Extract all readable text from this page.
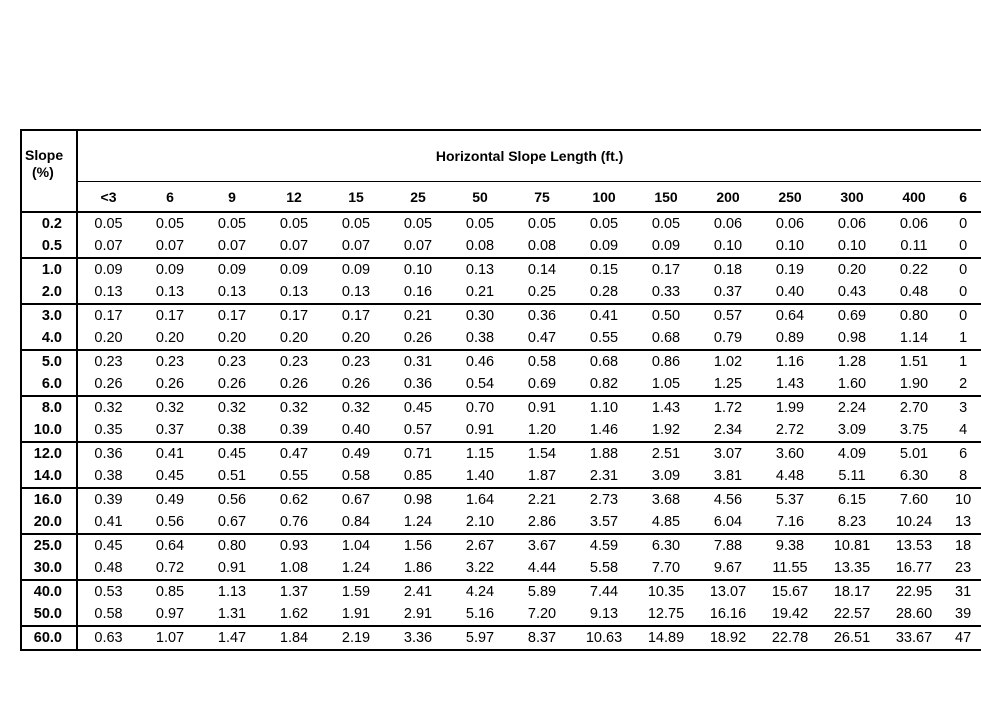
Slope
(%)	Horizontal Slope Length (ft.)														
	<3	6	9	12	15	25	50	75	100	150	200	250	300	400	6
0.2	0.05	0.05	0.05	0.05	0.05	0.05	0.05	0.05	0.05	0.05	0.06	0.06	0.06	0.06	0
0.5	0.07	0.07	0.07	0.07	0.07	0.07	0.08	0.08	0.09	0.09	0.10	0.10	0.10	0.11	0
1.0	0.09	0.09	0.09	0.09	0.09	0.10	0.13	0.14	0.15	0.17	0.18	0.19	0.20	0.22	0
2.0	0.13	0.13	0.13	0.13	0.13	0.16	0.21	0.25	0.28	0.33	0.37	0.40	0.43	0.48	0
3.0	0.17	0.17	0.17	0.17	0.17	0.21	0.30	0.36	0.41	0.50	0.57	0.64	0.69	0.80	0
4.0	0.20	0.20	0.20	0.20	0.20	0.26	0.38	0.47	0.55	0.68	0.79	0.89	0.98	1.14	1
5.0	0.23	0.23	0.23	0.23	0.23	0.31	0.46	0.58	0.68	0.86	1.02	1.16	1.28	1.51	1
6.0	0.26	0.26	0.26	0.26	0.26	0.36	0.54	0.69	0.82	1.05	1.25	1.43	1.60	1.90	2
8.0	0.32	0.32	0.32	0.32	0.32	0.45	0.70	0.91	1.10	1.43	1.72	1.99	2.24	2.70	3
10.0	0.35	0.37	0.38	0.39	0.40	0.57	0.91	1.20	1.46	1.92	2.34	2.72	3.09	3.75	4
12.0	0.36	0.41	0.45	0.47	0.49	0.71	1.15	1.54	1.88	2.51	3.07	3.60	4.09	5.01	6
14.0	0.38	0.45	0.51	0.55	0.58	0.85	1.40	1.87	2.31	3.09	3.81	4.48	5.11	6.30	8
16.0	0.39	0.49	0.56	0.62	0.67	0.98	1.64	2.21	2.73	3.68	4.56	5.37	6.15	7.60	10
20.0	0.41	0.56	0.67	0.76	0.84	1.24	2.10	2.86	3.57	4.85	6.04	7.16	8.23	10.24	13
25.0	0.45	0.64	0.80	0.93	1.04	1.56	2.67	3.67	4.59	6.30	7.88	9.38	10.81	13.53	18
30.0	0.48	0.72	0.91	1.08	1.24	1.86	3.22	4.44	5.58	7.70	9.67	11.55	13.35	16.77	23
40.0	0.53	0.85	1.13	1.37	1.59	2.41	4.24	5.89	7.44	10.35	13.07	15.67	18.17	22.95	31
50.0	0.58	0.97	1.31	1.62	1.91	2.91	5.16	7.20	9.13	12.75	16.16	19.42	22.57	28.60	39
60.0	0.63	1.07	1.47	1.84	2.19	3.36	5.97	8.37	10.63	14.89	18.92	22.78	26.51	33.67	47
